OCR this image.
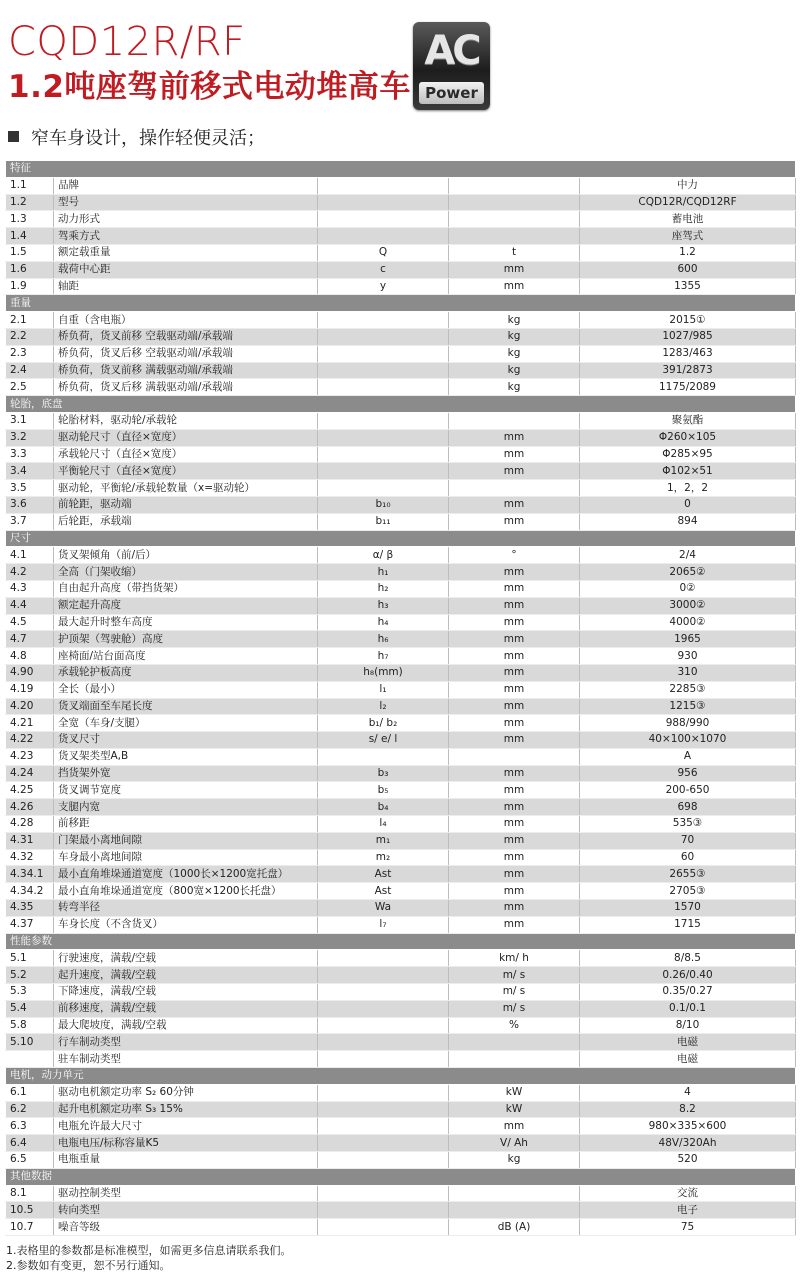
CQD12R/RF
1.2吨座驾前移式电动堆高车
AC
Power
窄车身设计，操作轻便灵活；
特征				
1.1	品牌			中力
1.2	型号			CQD12R/CQD12RF
1.3	动力形式			蓄电池
1.4	驾乘方式			座驾式
1.5	额定载重量	Q	t	1.2
1.6	载荷中心距	c	mm	600
1.9	轴距	y	mm	1355
重量				
2.1	自重（含电瓶）		kg	2015①
2.2	桥负荷，货叉前移 空载驱动端/承载端		kg	1027/985
2.3	桥负荷，货叉后移 空载驱动端/承载端		kg	1283/463
2.4	桥负荷，货叉前移 满载驱动端/承载端		kg	391/2873
2.5	桥负荷，货叉后移 满载驱动端/承载端		kg	1175/2089
轮胎，底盘				
3.1	轮胎材料，驱动轮/承载轮			聚氨酯
3.2	驱动轮尺寸（直径×宽度）		mm	Φ260×105
3.3	承载轮尺寸（直径×宽度）		mm	Φ285×95
3.4	平衡轮尺寸（直径×宽度）		mm	Φ102×51
3.5	驱动轮，平衡轮/承载轮数量（x=驱动轮）			1，2，2
3.6	前轮距，驱动端	b₁₀	mm	0
3.7	后轮距，承载端	b₁₁	mm	894
尺寸				
4.1	货叉架倾角（前/后）	α/ β	°	2/4
4.2	全高（门架收缩）	h₁	mm	2065②
4.3	自由起升高度（带挡货架）	h₂	mm	0②
4.4	额定起升高度	h₃	mm	3000②
4.5	最大起升时整车高度	h₄	mm	4000②
4.7	护顶架（驾驶舱）高度	h₆	mm	1965
4.8	座椅面/站台面高度	h₇	mm	930
4.90	承载轮护板高度	h₈(mm)	mm	310
4.19	全长（最小）	l₁	mm	2285③
4.20	货叉端面至车尾长度	l₂	mm	1215③
4.21	全宽（车身/支腿）	b₁/ b₂	mm	988/990
4.22	货叉尺寸	s/ e/ l	mm	40×100×1070
4.23	货叉架类型A,B			A
4.24	挡货架外宽	b₃	mm	956
4.25	货叉调节宽度	b₅	mm	200-650
4.26	支腿内宽	b₄	mm	698
4.28	前移距	l₄	mm	535③
4.31	门架最小离地间隙	m₁	mm	70
4.32	车身最小离地间隙	m₂	mm	60
4.34.1	最小直角堆垛通道宽度（1000长×1200宽托盘）	Ast	mm	2655③
4.34.2	最小直角堆垛通道宽度（800宽×1200长托盘）	Ast	mm	2705③
4.35	转弯半径	Wa	mm	1570
4.37	车身长度（不含货叉）	l₇	mm	1715
性能参数				
5.1	行驶速度，满载/空载		km/ h	8/8.5
5.2	起升速度，满载/空载		m/ s	0.26/0.40
5.3	下降速度，满载/空载		m/ s	0.35/0.27
5.4	前移速度，满载/空载		m/ s	0.1/0.1
5.8	最大爬坡度，满载/空载		%	8/10
5.10	行车制动类型			电磁
	驻车制动类型			电磁
电机，动力单元				
6.1	驱动电机额定功率 S₂ 60分钟		kW	4
6.2	起升电机额定功率 S₃ 15%		kW	8.2
6.3	电瓶允许最大尺寸		mm	980×335×600
6.4	电瓶电压/标称容量K5		V/ Ah	48V/320Ah
6.5	电瓶重量		kg	520
其他数据				
8.1	驱动控制类型			交流
10.5	转向类型			电子
10.7	噪音等级		dB (A)	75
1.表格里的参数都是标准模型，如需更多信息请联系我们。
2.参数如有变更，恕不另行通知。
